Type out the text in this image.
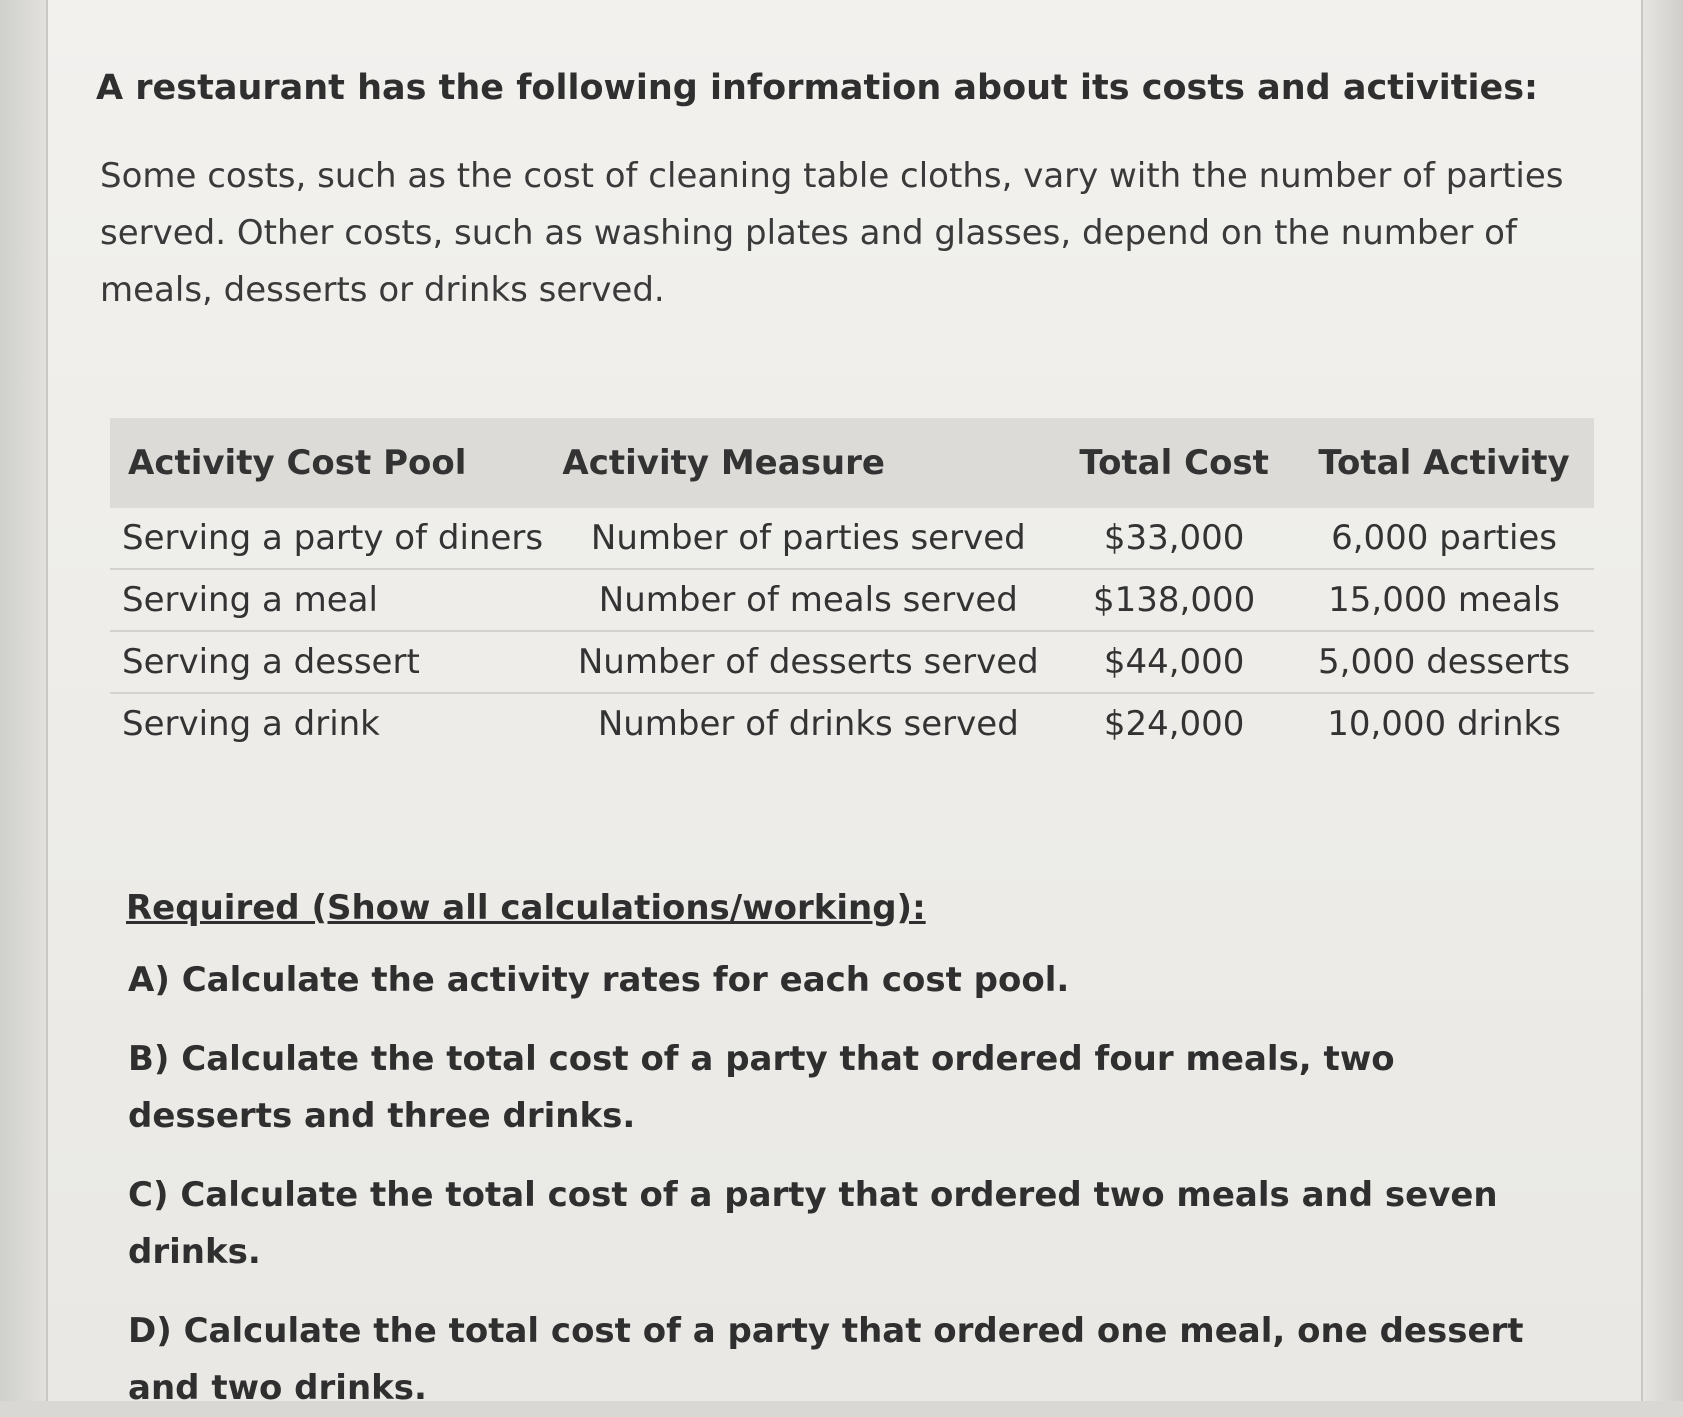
A restaurant has the following information about its costs and activities:

Some costs, such as the cost of cleaning table cloths, vary with the number of parties served. Other costs, such as washing plates and glasses, depend on the number of meals, desserts or drinks served.

Activity Cost Pool	Activity Measure	Total Cost	Total Activity
Serving a party of diners	Number of parties served	$33,000	6,000 parties
Serving a meal	Number of meals served	$138,000	15,000 meals
Serving a dessert	Number of desserts served	$44,000	5,000 desserts
Serving a drink	Number of drinks served	$24,000	10,000 drinks
Required (Show all calculations/working):
A) Calculate the activity rates for each cost pool.
B) Calculate the total cost of a party that ordered four meals, two desserts and three drinks.
C) Calculate the total cost of a party that ordered two meals and seven drinks.
D) Calculate the total cost of a party that ordered one meal, one dessert and two drinks.
